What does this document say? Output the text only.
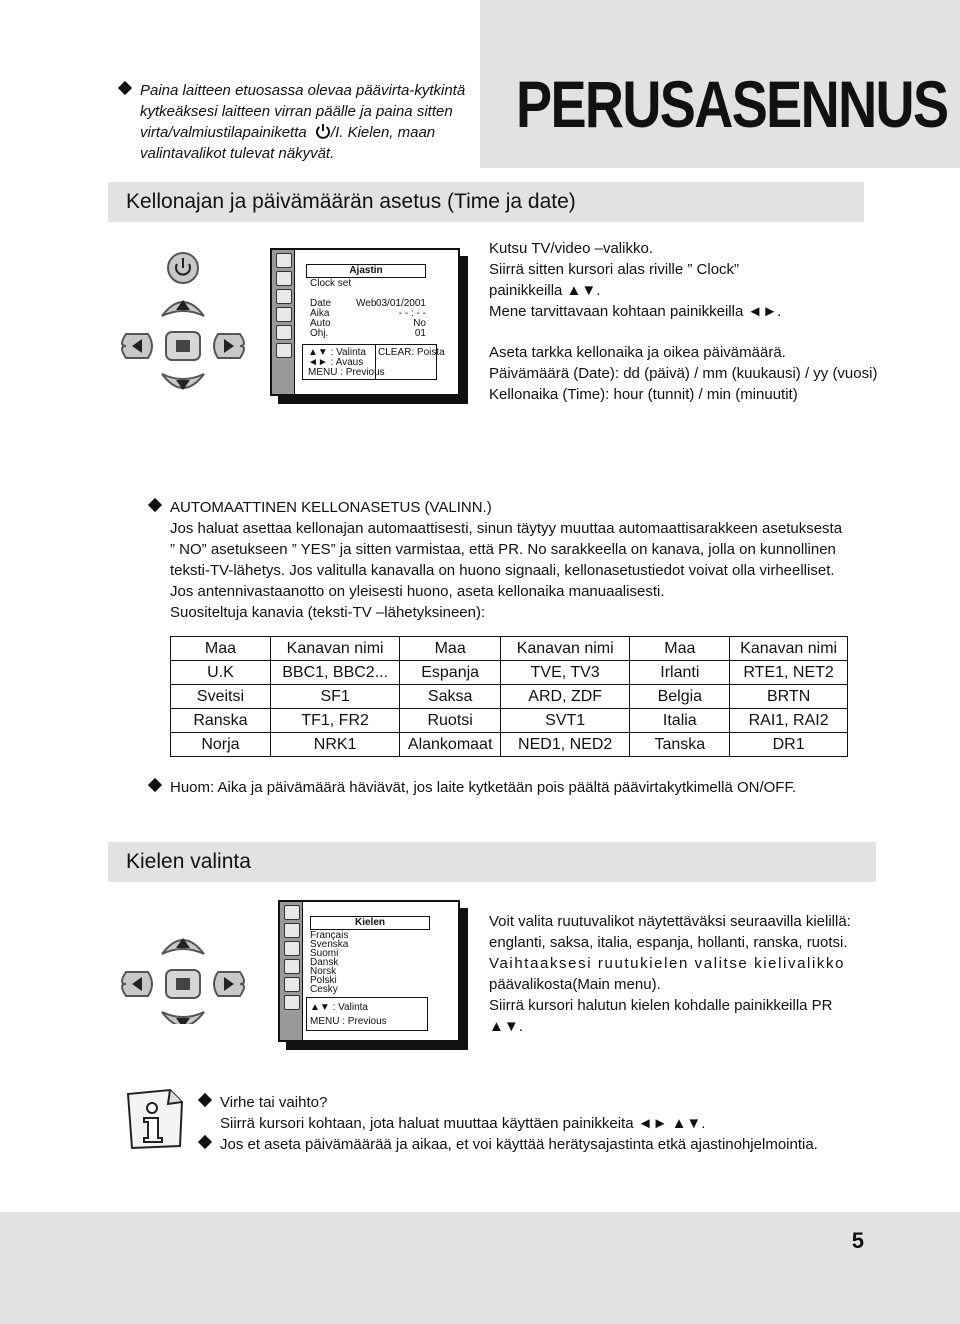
Paina laitteen etuosassa olevaa päävirta-kytkintä

kytkeäksesi laitteen virran päälle ja paina sitten

virta/valmiustilapainiketta /I. Kielen, maan

valintavalikot tulevat näkyvät.

PERUSASENNUS
Kellonajan ja päivämäärän asetus (Time ja date)
Ajastin
Clock set
Date Web 03/01/2001
Aika	- - : - -
Auto	No
Ohj.	01
▲▼ : Valinta
◄► : Avaus
MENU : Previous
CLEAR: Poista

Kutsu TV/video –valikko.

Siirrä sitten kursori alas riville ” Clock”

painikkeilla ▲▼.

Mene tarvittavaan kohtaan painikkeilla ◄►.

Aseta tarkka kellonaika ja oikea päivämäärä.

Päivämäärä (Date): dd (päivä) / mm (kuukausi) / yy (vuosi)

Kellonaika (Time): hour (tunnit) / min (minuutit)

AUTOMAATTINEN KELLONASETUS (VALINN.)
Jos haluat asettaa kellonajan automaattisesti, sinun täytyy muuttaa automaattisarakkeen asetuksesta
” NO” asetukseen ” YES” ja sitten varmistaa, että PR. No sarakkeella on kanava, jolla on kunnollinen
teksti-TV-lähetys. Jos valitulla kanavalla on huono signaali, kellonasetustiedot voivat olla virheelliset.
Jos antennivastaanotto on yleisesti huono, aseta kellonaika manuaalisesti.
Suositeltuja kanavia (teksti-TV –lähetyksineen):
Maa	Kanavan nimi	Maa	Kanavan nimi	Maa	Kanavan nimi
U.K	BBC1, BBC2...	Espanja	TVE, TV3	Irlanti	RTE1, NET2
Sveitsi	SF1	Saksa	ARD, ZDF	Belgia	BRTN
Ranska	TF1, FR2	Ruotsi	SVT1	Italia	RAI1, RAI2
Norja	NRK1	Alankomaat	NED1, NED2	Tanska	DR1
Huom: Aika ja päivämäärä häviävät, jos laite kytketään pois päältä päävirtakytkimellä ON/OFF.
Kielen valinta
Kielen
Français
Svenska
Suomi
Dansk
Norsk
Polski
Cesky
▲▼ : Valinta
MENU : Previous

Voit valita ruutuvalikot näytettäväksi seuraavilla kielillä:

englanti, saksa, italia, espanja, hollanti, ranska, ruotsi.

Vaihtaaksesi ruutukielen valitse kielivalikko

päävalikosta(Main menu).

Siirrä kursori halutun kielen kohdalle painikkeilla PR

▲▼.

Virhe tai vaihto?
Siirrä kursori kohtaan, jota haluat muuttaa käyttäen painikkeita ◄► ▲▼.
Jos et aseta päivämäärää ja aikaa, et voi käyttää herätysajastinta etkä ajastinohjelmointia.
5
